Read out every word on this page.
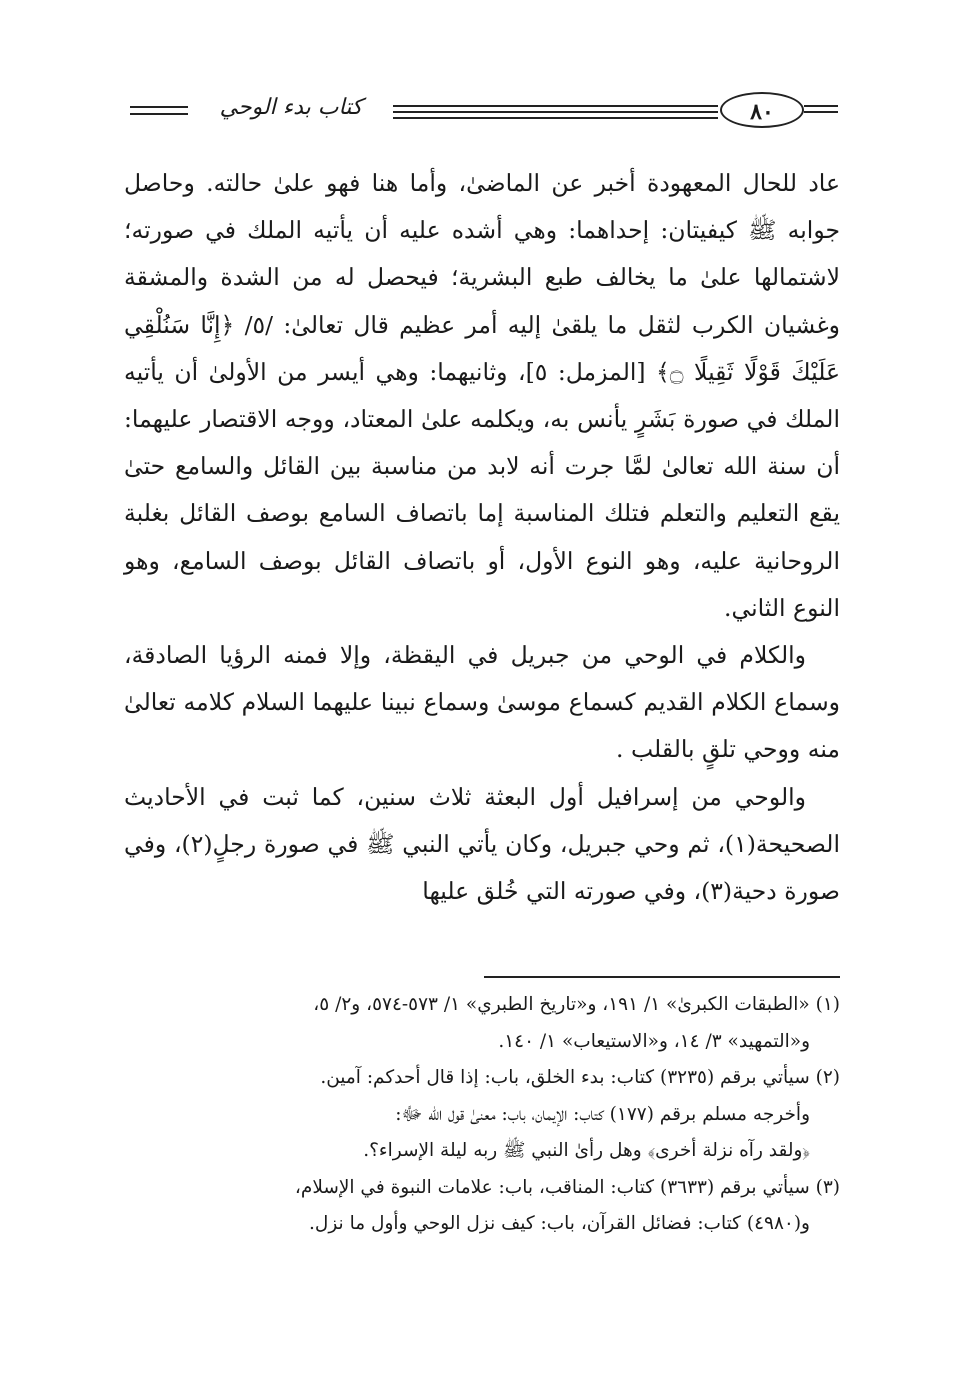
كتاب بدء الوحي	٨٠

عاد للحال المعهودة أخبر عن الماضىٰ، وأما هنا فهو علىٰ حالته. وحاصل جوابه ﷺ كيفيتان: إحداهما: وهي أشده عليه أن يأتيه الملك في صورته؛ لاشتمالها علىٰ ما يخالف طبع البشرية؛ فيحصل له من الشدة والمشقة وغشيان الكرب لثقل ما يلقىٰ إليه أمر عظيم قال تعالىٰ: /٥/ ﴿إِنَّا سَنُلْقِي عَلَيْكَ قَوْلًا ثَقِيلًا ۝﴾ [المزمل: ٥]، وثانيهما: وهي أيسر من الأولىٰ أن يأتيه الملك في صورة بَشَرٍ يأنس به، ويكلمه علىٰ المعتاد، ووجه الاقتصار عليهما: أن سنة الله تعالىٰ لمَّا جرت أنه لابد من مناسبة بين القائل والسامع حتىٰ يقع التعليم والتعلم فتلك المناسبة إما باتصاف السامع بوصف القائل بغلبة الروحانية عليه، وهو النوع الأول، أو باتصاف القائل بوصف السامع، وهو النوع الثاني.

والكلام في الوحي من جبريل في اليقظة، وإلا فمنه الرؤيا الصادقة، وسماع الكلام القديم كسماع موسىٰ وسماع نبينا عليهما السلام كلامه تعالىٰ منه ووحي تلقٍ بالقلب .

والوحي من إسرافيل أول البعثة ثلاث سنين، كما ثبت في الأحاديث الصحيحة(١)، ثم وحي جبريل، وكان يأتي النبي ﷺ في صورة رجلٍ(٢)، وفي صورة دحية(٣)، وفي صورته التي خُلق عليها

(١) «الطبقات الكبرىٰ» ١/ ١٩١، و«تاريخ الطبري» ١/ ٥٧٣-٥٧٤، و٢/ ٥،

و«التمهيد» ٣/ ١٤، و«الاستيعاب» ١/ ١٤٠.

(٢) سيأتي برقم (٣٢٣٥) كتاب: بدء الخلق، باب: إذا قال أحدكم: آمين.

وأخرجه مسلم برقم (١٧٧) كتاب: الإيمان، باب: معنىٰ قول الله ﷻ:

﴿ولقد رآه نزلة أخرى﴾ وهل رأىٰ النبي ﷺ ربه ليلة الإسراء؟.

(٣) سيأتي برقم (٣٦٣٣) كتاب: المناقب، باب: علامات النبوة في الإسلام،

و(٤٩٨٠) كتاب: فضائل القرآن، باب: كيف نزل الوحي وأول ما نزل.
